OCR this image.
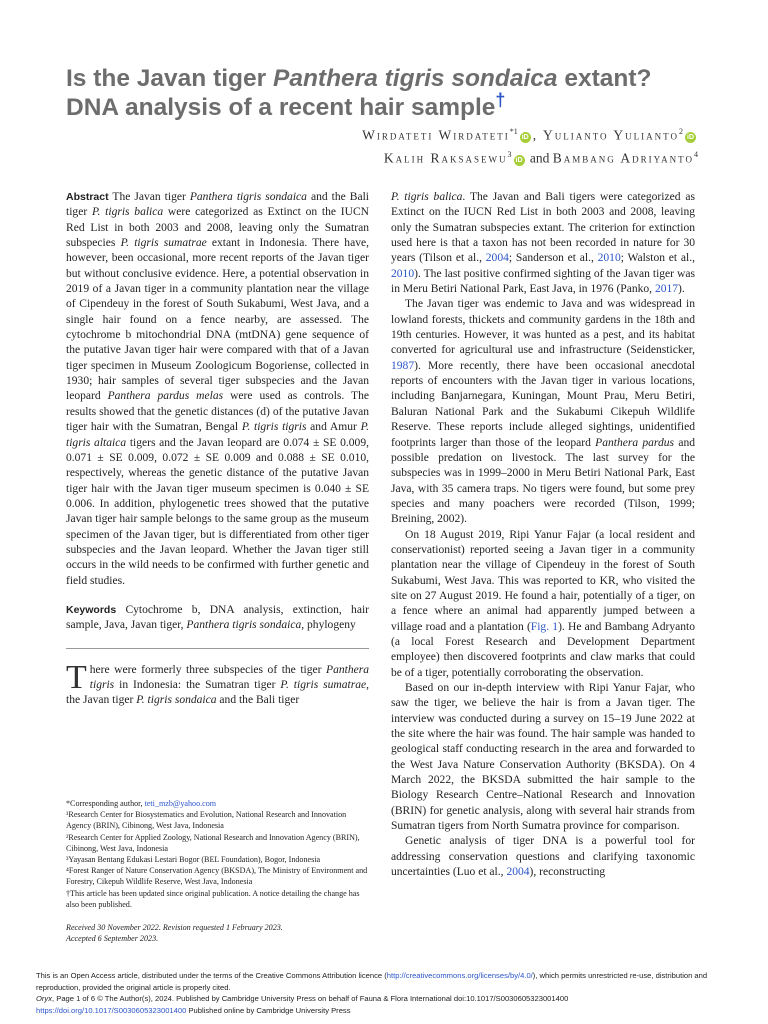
Is the Javan tiger Panthera tigris sondaica extant?
DNA analysis of a recent hair sample†
Wirdateti Wirdateti$^{*1}$iD , Yulianto Yulianto$^2$iD
Kalih Raksasewu$^3$iD and Bambang Adriyanto$^4$

Abstract The Javan tiger Panthera tigris sondaica and the Bali tiger P. tigris balica were categorized as Extinct on the IUCN Red List in both 2003 and 2008, leaving only the Sumatran subspecies P. tigris sumatrae extant in Indonesia. There have, however, been occasional, more recent reports of the Javan tiger but without conclusive evidence. Here, a potential observation in 2019 of a Javan tiger in a community plantation near the village of Cipendeuy in the forest of South Sukabumi, West Java, and a single hair found on a fence nearby, are assessed. The cytochrome b mitochondrial DNA (mtDNA) gene sequence of the putative Javan tiger hair were compared with that of a Javan tiger specimen in Museum Zoologicum Bogoriense, collected in 1930; hair samples of several tiger subspecies and the Javan leopard Panthera pardus melas were used as controls. The results showed that the genetic distances (d) of the putative Javan tiger hair with the Sumatran, Bengal P. tigris tigris and Amur P. tigris altaica tigers and the Javan leopard are 0.074 ± SE 0.009, 0.071 ± SE 0.009, 0.072 ± SE 0.009 and 0.088 ± SE 0.010, respectively, whereas the genetic distance of the putative Javan tiger hair with the Javan tiger museum specimen is 0.040 ± SE 0.006. In addition, phylogenetic trees showed that the putative Javan tiger hair sample belongs to the same group as the museum specimen of the Javan tiger, but is differentiated from other tiger subspecies and the Javan leopard. Whether the Javan tiger still occurs in the wild needs to be confirmed with further genetic and field studies.

Keywords Cytochrome b, DNA analysis, extinction, hair sample, Java, Javan tiger, Panthera tigris sondaica, phylogeny

There were formerly three subspecies of the tiger Panthera tigris in Indonesia: the Sumatran tiger P. tigris sumatrae, the Javan tiger P. tigris sondaica and the Bali tiger

*Corresponding author, teti_mzb@yahoo.com

¹Research Center for Biosystematics and Evolution, National Research and Innovation Agency (BRIN), Cibinong, West Java, Indonesia

²Research Center for Applied Zoology, National Research and Innovation Agency (BRIN), Cibinong, West Java, Indonesia

³Yayasan Bentang Edukasi Lestari Bogor (BEL Foundation), Bogor, Indonesia

⁴Forest Ranger of Nature Conservation Agency (BKSDA), The Ministry of Environment and Forestry, Cikepuh Wildlife Reserve, West Java, Indonesia

†This article has been updated since original publication. A notice detailing the change has also been published.

Received 30 November 2022. Revision requested 1 February 2023.

Accepted 6 September 2023.

P. tigris balica. The Javan and Bali tigers were categorized as Extinct on the IUCN Red List in both 2003 and 2008, leaving only the Sumatran subspecies extant. The criterion for extinction used here is that a taxon has not been recorded in nature for 30 years (Tilson et al., 2004; Sanderson et al., 2010; Walston et al., 2010). The last positive confirmed sighting of the Javan tiger was in Meru Betiri National Park, East Java, in 1976 (Panko, 2017).

The Javan tiger was endemic to Java and was widespread in lowland forests, thickets and community gardens in the 18th and 19th centuries. However, it was hunted as a pest, and its habitat converted for agricultural use and infrastructure (Seidensticker, 1987). More recently, there have been occasional anecdotal reports of encounters with the Javan tiger in various locations, including Banjarnegara, Kuningan, Mount Prau, Meru Betiri, Baluran National Park and the Sukabumi Cikepuh Wildlife Reserve. These reports include alleged sightings, unidentified footprints larger than those of the leopard Panthera pardus and possible predation on livestock. The last survey for the subspecies was in 1999–2000 in Meru Betiri National Park, East Java, with 35 camera traps. No tigers were found, but some prey species and many poachers were recorded (Tilson, 1999; Breining, 2002).

On 18 August 2019, Ripi Yanur Fajar (a local resident and conservationist) reported seeing a Javan tiger in a community plantation near the village of Cipendeuy in the forest of South Sukabumi, West Java. This was reported to KR, who visited the site on 27 August 2019. He found a hair, potentially of a tiger, on a fence where an animal had apparently jumped between a village road and a plantation (Fig. 1). He and Bambang Adryanto (a local Forest Research and Development Department employee) then discovered footprints and claw marks that could be of a tiger, potentially corroborating the observation.

Based on our in-depth interview with Ripi Yanur Fajar, who saw the tiger, we believe the hair is from a Javan tiger. The interview was conducted during a survey on 15–19 June 2022 at the site where the hair was found. The hair sample was handed to geological staff conducting research in the area and forwarded to the West Java Nature Conservation Authority (BKSDA). On 4 March 2022, the BKSDA submitted the hair sample to the Biology Research Centre–National Research and Innovation (BRIN) for genetic analysis, along with several hair strands from Sumatran tigers from North Sumatra province for comparison.

Genetic analysis of tiger DNA is a powerful tool for addressing conservation questions and clarifying taxonomic uncertainties (Luo et al., 2004), reconstructing

This is an Open Access article, distributed under the terms of the Creative Commons Attribution licence (http://creativecommons.org/licenses/by/4.0/), which permits unrestricted re-use, distribution and reproduction, provided the original article is properly cited.

Oryx, Page 1 of 6 © The Author(s), 2024. Published by Cambridge University Press on behalf of Fauna & Flora International doi:10.1017/S0030605323001400

https://doi.org/10.1017/S0030605323001400 Published online by Cambridge University Press
